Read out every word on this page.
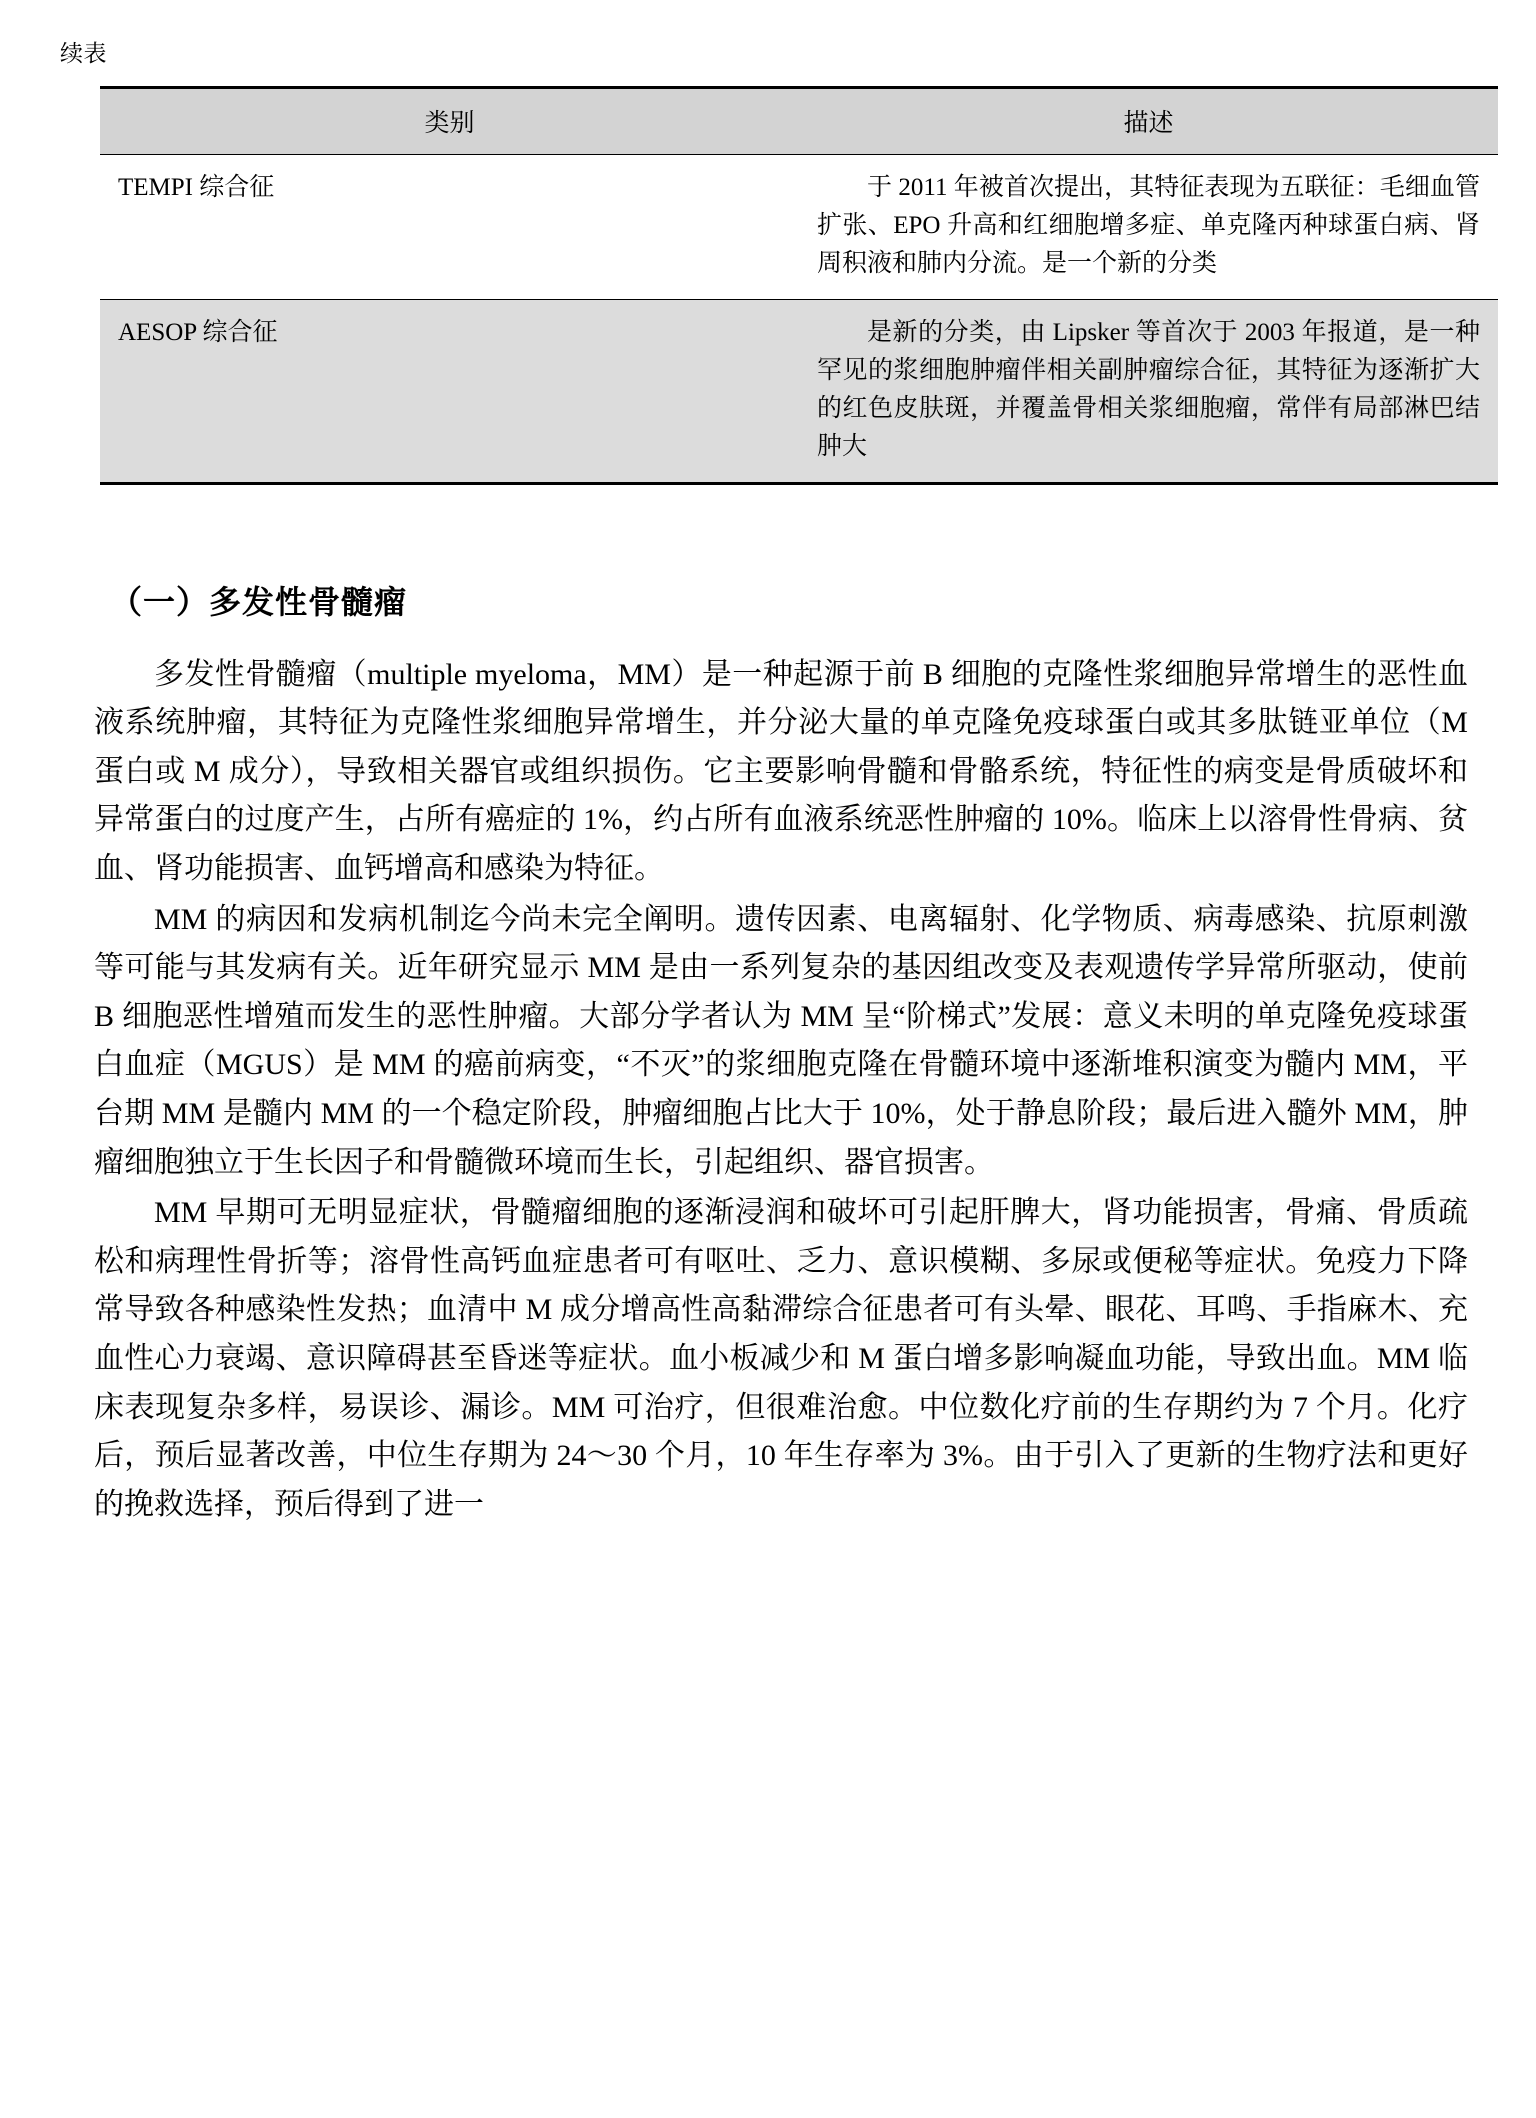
续表
类别	描述
TEMPI 综合征	于 2011 年被首次提出，其特征表现为五联征：毛细血管扩张、EPO 升高和红细胞增多症、单克隆丙种球蛋白病、肾周积液和肺内分流。是一个新的分类

AESOP 综合征	是新的分类，由 Lipsker 等首次于 2003 年报道，是一种罕见的浆细胞肿瘤伴相关副肿瘤综合征，其特征为逐渐扩大的红色皮肤斑，并覆盖骨相关浆细胞瘤，常伴有局部淋巴结肿大
（一）多发性骨髓瘤

多发性骨髓瘤（multiple myeloma，MM）是一种起源于前 B 细胞的克隆性浆细胞异常增生的恶性血液系统肿瘤，其特征为克隆性浆细胞异常增生，并分泌大量的单克隆免疫球蛋白或其多肽链亚单位（M 蛋白或 M 成分），导致相关器官或组织损伤。它主要影响骨髓和骨骼系统，特征性的病变是骨质破坏和异常蛋白的过度产生，占所有癌症的 1%，约占所有血液系统恶性肿瘤的 10%。临床上以溶骨性骨病、贫血、肾功能损害、血钙增高和感染为特征。

MM 的病因和发病机制迄今尚未完全阐明。遗传因素、电离辐射、化学物质、病毒感染、抗原刺激等可能与其发病有关。近年研究显示 MM 是由一系列复杂的基因组改变及表观遗传学异常所驱动，使前 B 细胞恶性增殖而发生的恶性肿瘤。大部分学者认为 MM 呈“阶梯式”发展：意义未明的单克隆免疫球蛋白血症（MGUS）是 MM 的癌前病变，“不灭”的浆细胞克隆在骨髓环境中逐渐堆积演变为髓内 MM，平台期 MM 是髓内 MM 的一个稳定阶段，肿瘤细胞占比大于 10%，处于静息阶段；最后进入髓外 MM，肿瘤细胞独立于生长因子和骨髓微环境而生长，引起组织、器官损害。

MM 早期可无明显症状，骨髓瘤细胞的逐渐浸润和破坏可引起肝脾大，肾功能损害，骨痛、骨质疏松和病理性骨折等；溶骨性高钙血症患者可有呕吐、乏力、意识模糊、多尿或便秘等症状。免疫力下降常导致各种感染性发热；血清中 M 成分增高性高黏滞综合征患者可有头晕、眼花、耳鸣、手指麻木、充血性心力衰竭、意识障碍甚至昏迷等症状。血小板减少和 M 蛋白增多影响凝血功能，导致出血。MM 临床表现复杂多样，易误诊、漏诊。MM 可治疗，但很难治愈。中位数化疗前的生存期约为 7 个月。化疗后，预后显著改善，中位生存期为 24～30 个月，10 年生存率为 3%。由于引入了更新的生物疗法和更好的挽救选择，预后得到了进一
